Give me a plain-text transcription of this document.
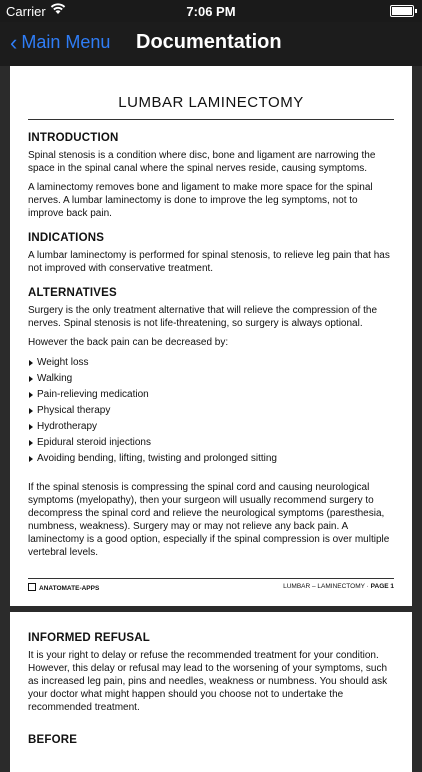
Carrier	7:06 PM
‹ Main Menu Documentation
LUMBAR LAMINECTOMY
INTRODUCTION

Spinal stenosis is a condition where disc, bone and ligament are narrowing the space in the spinal canal where the spinal nerves reside, causing symptoms.

A laminectomy removes bone and ligament to make more space for the spinal nerves. A lumbar laminectomy is done to improve the leg symptoms, not to improve back pain.

INDICATIONS

A lumbar laminectomy is performed for spinal stenosis, to relieve leg pain that has not improved with conservative treatment.

ALTERNATIVES

Surgery is the only treatment alternative that will relieve the compression of the nerves. Spinal stenosis is not life-threatening, so surgery is always optional.

However the back pain can be decreased by:

Weight loss
Walking
Pain-relieving medication
Physical therapy
Hydrotherapy
Epidural steroid injections
Avoiding bending, lifting, twisting and prolonged sitting

If the spinal stenosis is compressing the spinal cord and causing neurological symptoms (myelopathy), then your surgeon will usually recommend surgery to decompress the spinal cord and relieve the neurological symptoms (paresthesia, numbness, weakness). Surgery may or may not relieve any back pain. A laminectomy is a good option, especially if the spinal compression is over multiple vertebral levels.

ANATOMATE-APPS	LUMBAR – LAMINECTOMY · PAGE 1
INFORMED REFUSAL

It is your right to delay or refuse the recommended treatment for your condition. However, this delay or refusal may lead to the worsening of your symptoms, such as increased leg pain, pins and needles, weakness or numbness. You should ask your doctor what might happen should you choose not to undertake the recommended treatment.

BEFORE
